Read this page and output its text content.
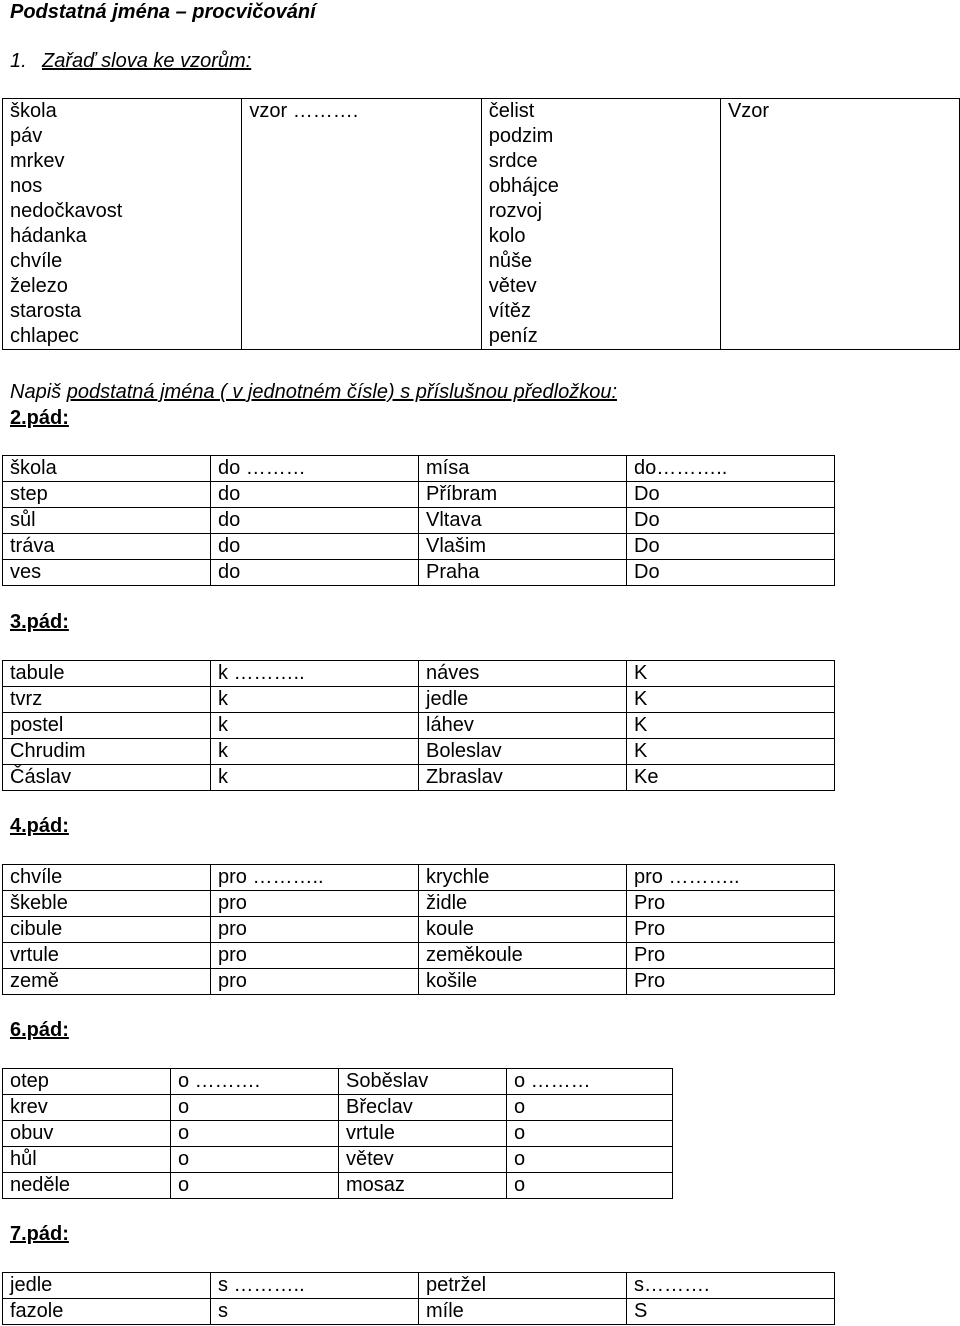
Podstatná jména – procvičování
1. Zařaď slova ke vzorům:
škola	vzor ……….	čelist	Vzor
páv		podzim	
mrkev		srdce	
nos		obhájce	
nedočkavost		rozvoj	
hádanka		kolo	
chvíle		nůše	
železo		větev	
starosta		vítěz	
chlapec		peníz	
Napiš podstatná jména ( v jednotném čísle) s příslušnou předložkou:
2.pád:
škola	do ………	mísa	do………..
step	do	Příbram	Do
sůl	do	Vltava	Do
tráva	do	Vlašim	Do
ves	do	Praha	Do
3.pád:
tabule	k ………..	náves	K
tvrz	k	jedle	K
postel	k	láhev	K
Chrudim	k	Boleslav	K
Čáslav	k	Zbraslav	Ke
4.pád:
chvíle	pro ………..	krychle	pro ………..
škeble	pro	židle	Pro
cibule	pro	koule	Pro
vrtule	pro	zeměkoule	Pro
země	pro	košile	Pro
6.pád:
otep	o ……….	Soběslav	o ………
krev	o	Břeclav	o
obuv	o	vrtule	o
hůl	o	větev	o
neděle	o	mosaz	o
7.pád:
jedle	s ………..	petržel	s……….
fazole	s	míle	S
